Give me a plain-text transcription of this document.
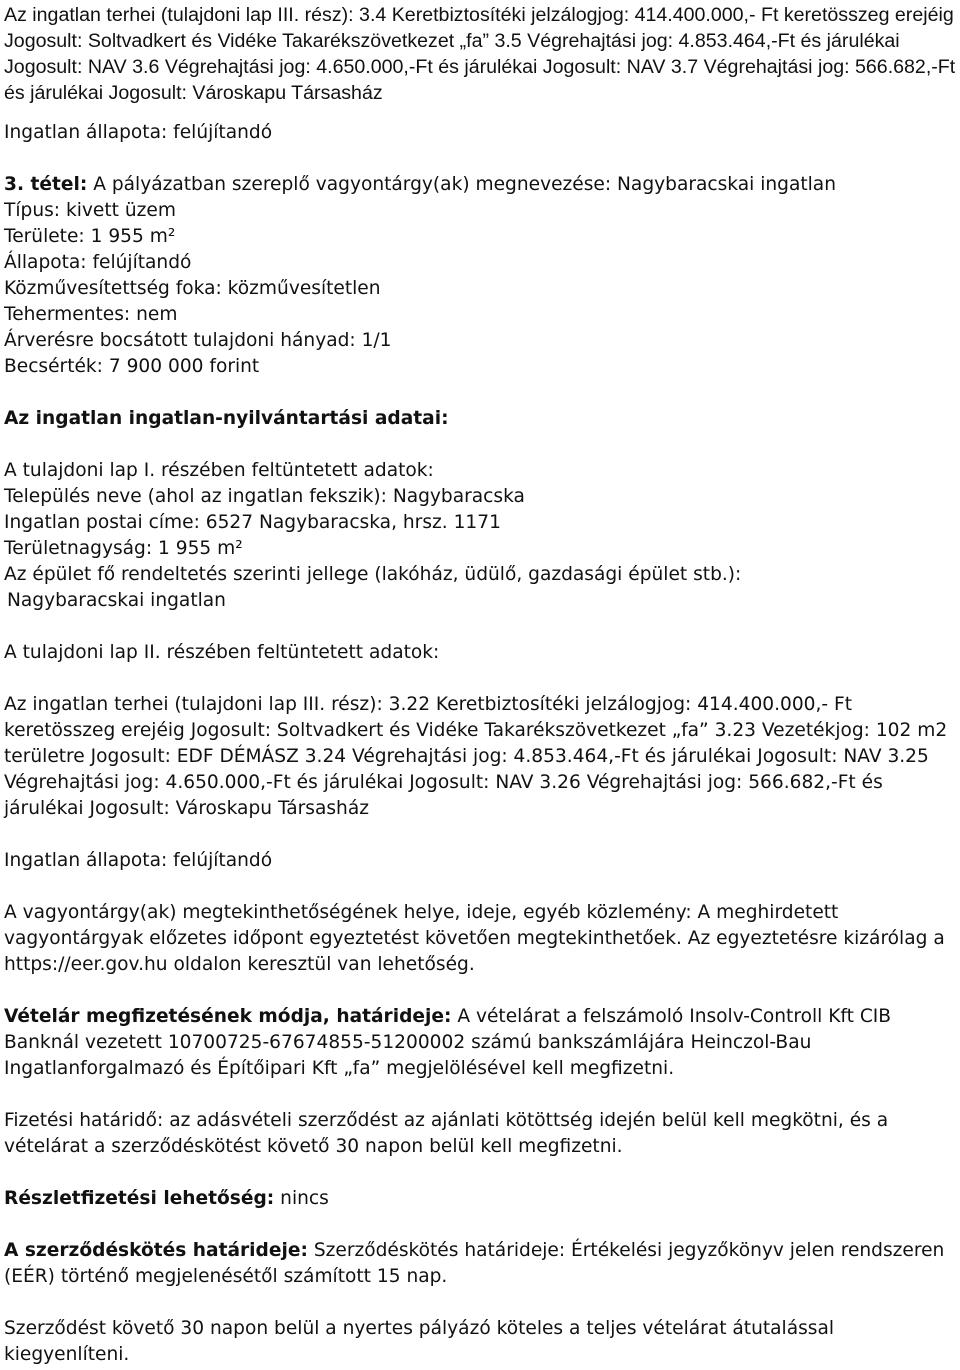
Az ingatlan terhei (tulajdoni lap III. rész): 3.4 Keretbiztosítéki jelzálogjog: 414.400.000,- Ft keretösszeg erejéig Jogosult: Soltvadkert és Vidéke Takarékszövetkezet „fa” 3.5 Végrehajtási jog: 4.853.464,-Ft és járulékai Jogosult: NAV 3.6 Végrehajtási jog: 4.650.000,-Ft és járulékai Jogosult: NAV 3.7 Végrehajtási jog: 566.682,-Ft és járulékai Jogosult: Városkapu Társasház

Ingatlan állapota: felújítandó

3. tétel: A pályázatban szereplő vagyontárgy(ak) megnevezése: Nagybaracskai ingatlan

Típus: kivett üzem

Területe: 1 955 m²

Állapota: felújítandó

Közművesítettség foka: közművesítetlen

Tehermentes: nem

Árverésre bocsátott tulajdoni hányad: 1/1

Becsérték: 7 900 000 forint

Az ingatlan ingatlan-nyilvántartási adatai:

A tulajdoni lap I. részében feltüntetett adatok:

Település neve (ahol az ingatlan fekszik): Nagybaracska

Ingatlan postai címe: 6527 Nagybaracska, hrsz. 1171

Területnagyság: 1 955 m²

Az épület fő rendeltetés szerinti jellege (lakóház, üdülő, gazdasági épület stb.):

Nagybaracskai ingatlan

A tulajdoni lap II. részében feltüntetett adatok:

Az ingatlan terhei (tulajdoni lap III. rész): 3.22 Keretbiztosítéki jelzálogjog: 414.400.000,- Ft keretösszeg erejéig Jogosult: Soltvadkert és Vidéke Takarékszövetkezet „fa” 3.23 Vezetékjog: 102 m2 területre Jogosult: EDF DÉMÁSZ 3.24 Végrehajtási jog: 4.853.464,-Ft és járulékai Jogosult: NAV 3.25 Végrehajtási jog: 4.650.000,-Ft és járulékai Jogosult: NAV 3.26 Végrehajtási jog: 566.682,-Ft és járulékai Jogosult: Városkapu Társasház

Ingatlan állapota: felújítandó

A vagyontárgy(ak) megtekinthetőségének helye, ideje, egyéb közlemény: A meghirdetett vagyontárgyak előzetes időpont egyeztetést követően megtekinthetőek. Az egyeztetésre kizárólag a https://eer.gov.hu oldalon keresztül van lehetőség.

Vételár megfizetésének módja, határideje: A vételárat a felszámoló Insolv-Controll Kft CIB Banknál vezetett 10700725-67674855-51200002 számú bankszámlájára Heinczol-Bau Ingatlanforgalmazó és Építőipari Kft „fa” megjelölésével kell megfizetni.

Fizetési határidő: az adásvételi szerződést az ajánlati kötöttség idején belül kell megkötni, és a vételárat a szerződéskötést követő 30 napon belül kell megfizetni.

Részletfizetési lehetőség: nincs

A szerződéskötés határideje: Szerződéskötés határideje: Értékelési jegyzőkönyv jelen rendszeren (EÉR) történő megjelenésétől számított 15 nap.

Szerződést követő 30 napon belül a nyertes pályázó köteles a teljes vételárat átutalással kiegyenlíteni.
